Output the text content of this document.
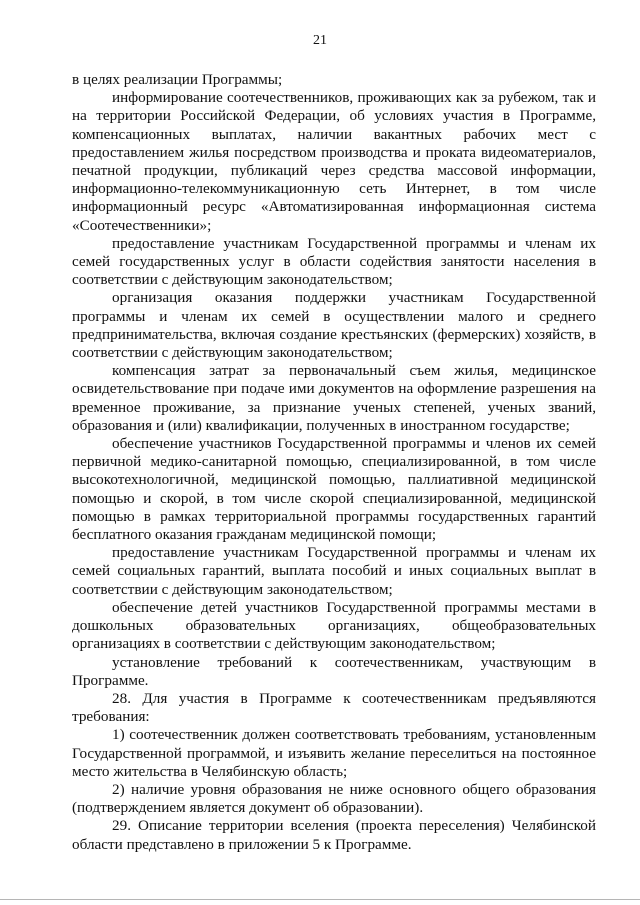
21

в целях реализации Программы;

информирование соотечественников, проживающих как за рубежом, так и на территории Российской Федерации, об условиях участия в Программе, компенсационных выплатах, наличии вакантных рабочих мест с предоставлением жилья посредством производства и проката видеоматериалов, печатной продукции, публикаций через средства массовой информации, информационно-телекоммуникационную сеть Интернет, в том числе информационный ресурс «Автоматизированная информационная система «Соотечественники»;

предоставление участникам Государственной программы и членам их семей государственных услуг в области содействия занятости населения в соответствии с действующим законодательством;

организация оказания поддержки участникам Государственной программы и членам их семей в осуществлении малого и среднего предпринимательства, включая создание крестьянских (фермерских) хозяйств, в соответствии с действующим законодательством;

компенсация затрат за первоначальный съем жилья, медицинское освидетельствование при подаче ими документов на оформление разрешения на временное проживание, за признание ученых степеней, ученых званий, образования и (или) квалификации, полученных в иностранном государстве;

обеспечение участников Государственной программы и членов их семей первичной медико-санитарной помощью, специализированной, в том числе высокотехнологичной, медицинской помощью, паллиативной медицинской помощью и скорой, в том числе скорой специализированной, медицинской помощью в рамках территориальной программы государственных гарантий бесплатного оказания гражданам медицинской помощи;

предоставление участникам Государственной программы и членам их семей социальных гарантий, выплата пособий и иных социальных выплат в соответствии с действующим законодательством;

обеспечение детей участников Государственной программы местами в дошкольных образовательных организациях, общеобразовательных организациях в соответствии с действующим законодательством;

установление требований к соотечественникам, участвующим в Программе.

28. Для участия в Программе к соотечественникам предъявляются требования:

1) соотечественник должен соответствовать требованиям, установленным Государственной программой, и изъявить желание переселиться на постоянное место жительства в Челябинскую область;

2) наличие уровня образования не ниже основного общего образования (подтверждением является документ об образовании).

29. Описание территории вселения (проекта переселения) Челябинской области представлено в приложении 5 к Программе.
